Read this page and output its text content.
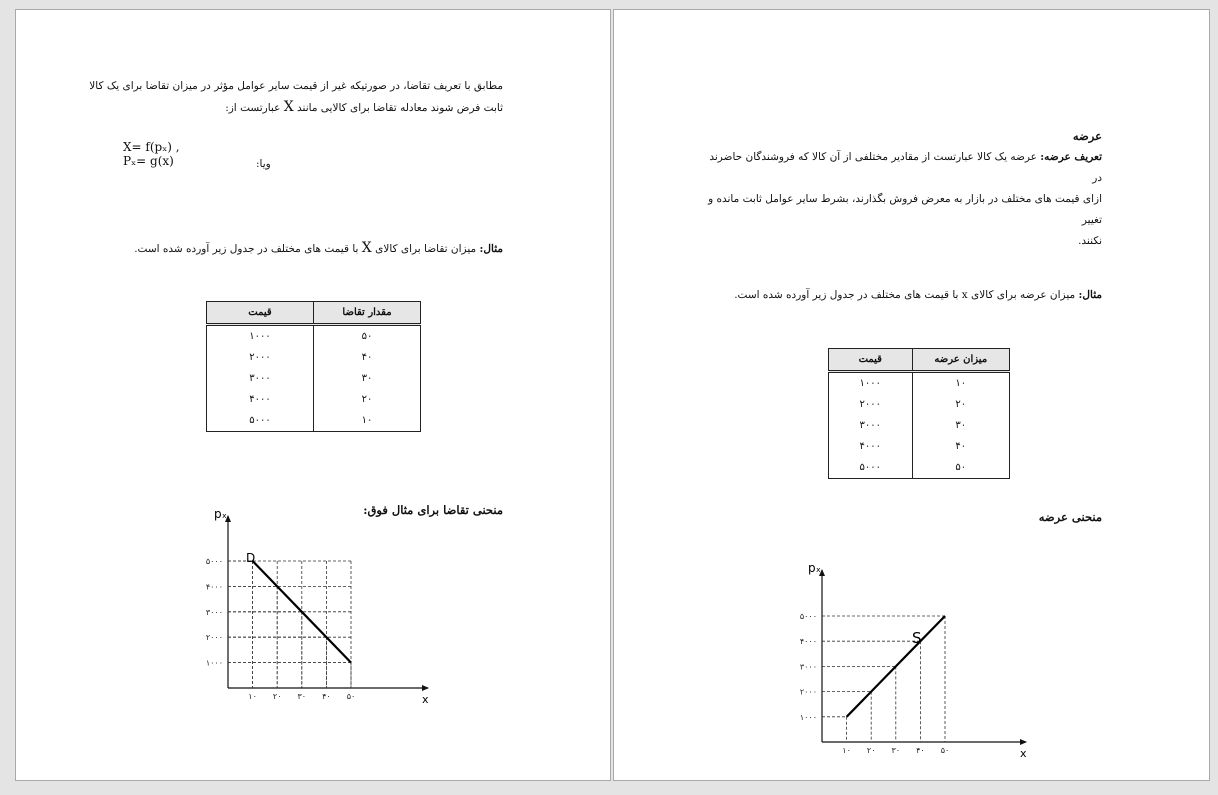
مطابق با تعریف تقاضا، در صورتیکه غیر از قیمت سایر عوامل مؤثر در میزان تقاضا برای یک کالا
ثابت فرض شوند معادله تقاضا برای کالایی مانند X عبارتست از:
X= f(pₓ) ,
Pₓ= g(x)	ویا:
مثال: میزان تقاضا برای کالای X با قیمت های مختلف در جدول زیر آورده شده است.
مقدار تقاضا	قیمت
۵۰	۱۰۰۰
۴۰	۲۰۰۰
۳۰	۳۰۰۰
۲۰	۴۰۰۰
۱۰	۵۰۰۰
منحنی تقاضا برای مثال فوق:
pₓ
x
۵۰۰۰
۴۰۰۰
۳۰۰۰
۲۰۰۰
۱۰۰۰
۱۰ ۲۰ ۳۰ ۴۰ ۵۰
D
عرضه
تعریف عرضه: عرضه یک کالا عبارتست از مقادیر مختلفی از آن کالا که فروشندگان حاضرند در
ازای قیمت های مختلف در بازار به معرض فروش بگذارند، بشرط سایر عوامل ثابت مانده و تغییر
نکنند.
مثال: میزان عرضه برای کالای x با قیمت های مختلف در جدول زیر آورده شده است.
میزان عرضه	قیمت
۱۰	۱۰۰۰
۲۰	۲۰۰۰
۳۰	۳۰۰۰
۴۰	۴۰۰۰
۵۰	۵۰۰۰
منحنی عرضه
pₓ
x
۱۰۰۰
۲۰۰۰
۳۰۰۰
۴۰۰۰
۵۰۰۰
۱۰ ۲۰ ۳۰ ۴۰ ۵۰
S
